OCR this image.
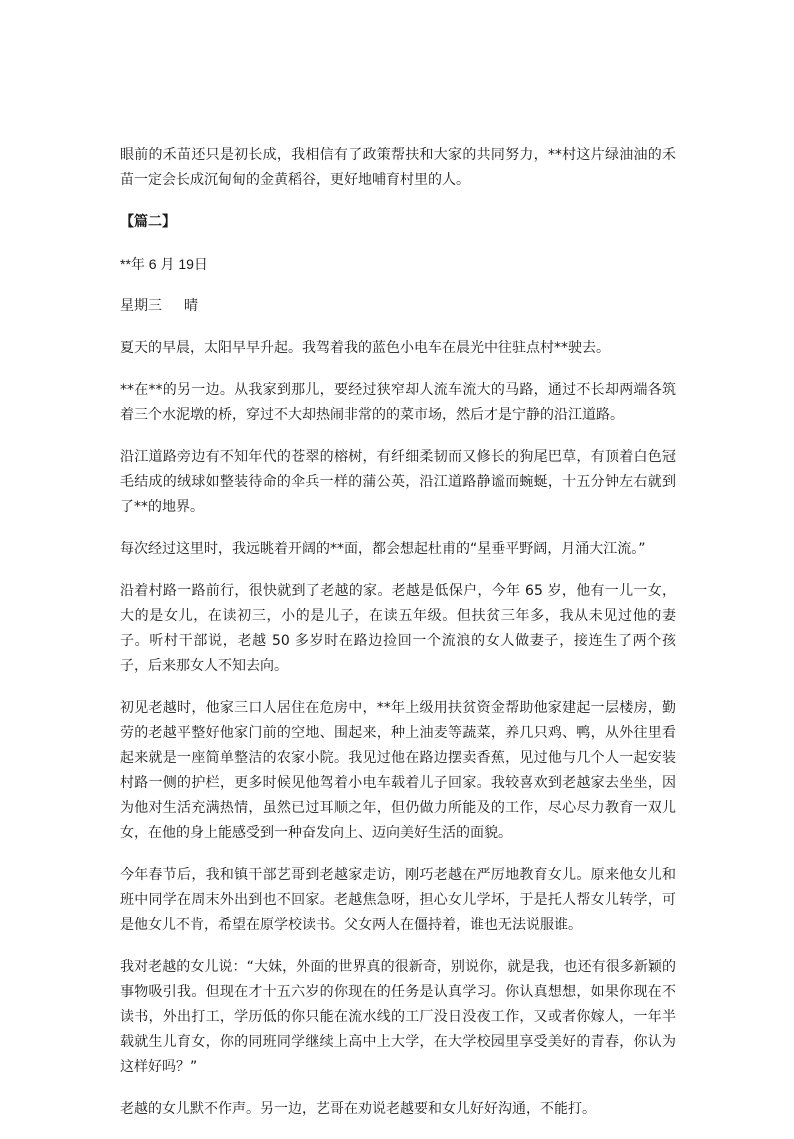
眼前的禾苗还只是初长成，我相信有了政策帮扶和大家的共同努力，**村这片绿油油的禾苗一定会长成沉甸甸的金黄稻谷，更好地哺育村里的人。

【篇二】

**年 6 月 19日

星期三 晴

夏天的早晨，太阳早早升起。我驾着我的蓝色小电车在晨光中往驻点村**驶去。

**在**的另一边。从我家到那儿，要经过狭窄却人流车流大的马路，通过不长却两端各筑着三个水泥墩的桥，穿过不大却热闹非常的的菜市场，然后才是宁静的沿江道路。

沿江道路旁边有不知年代的苍翠的榕树，有纤细柔韧而又修长的狗尾巴草，有顶着白色冠毛结成的绒球如整装待命的伞兵一样的蒲公英，沿江道路静谧而蜿蜒，十五分钟左右就到了**的地界。

每次经过这里时，我远眺着开阔的**面，都会想起杜甫的“星垂平野阔，月涌大江流。”

沿着村路一路前行，很快就到了老越的家。老越是低保户，今年 65 岁，他有一儿一女，大的是女儿，在读初三，小的是儿子，在读五年级。但扶贫三年多，我从未见过他的妻子。听村干部说，老越 50 多岁时在路边捡回一个流浪的女人做妻子，接连生了两个孩子，后来那女人不知去向。

初见老越时，他家三口人居住在危房中，**年上级用扶贫资金帮助他家建起一层楼房，勤劳的老越平整好他家门前的空地、围起来，种上油麦等蔬菜，养几只鸡、鸭，从外往里看起来就是一座简单整洁的农家小院。我见过他在路边摆卖香蕉，见过他与几个人一起安装村路一侧的护栏，更多时候见他驾着小电车载着儿子回家。我较喜欢到老越家去坐坐，因为他对生活充满热情，虽然已过耳顺之年，但仍做力所能及的工作，尽心尽力教育一双儿女，在他的身上能感受到一种奋发向上、迈向美好生活的面貌。

今年春节后，我和镇干部艺哥到老越家走访，刚巧老越在严厉地教育女儿。原来他女儿和班中同学在周末外出到也不回家。老越焦急呀，担心女儿学坏，于是托人帮女儿转学，可是他女儿不肯，希望在原学校读书。父女两人在僵持着，谁也无法说服谁。

我对老越的女儿说：“大妹，外面的世界真的很新奇，别说你，就是我，也还有很多新颖的事物吸引我。但现在才十五六岁的你现在的任务是认真学习。你认真想想，如果你现在不读书，外出打工，学历低的你只能在流水线的工厂没日没夜工作，又或者你嫁人，一年半载就生儿育女，你的同班同学继续上高中上大学，在大学校园里享受美好的青春，你认为这样好吗？”

老越的女儿默不作声。另一边，艺哥在劝说老越要和女儿好好沟通，不能打。
